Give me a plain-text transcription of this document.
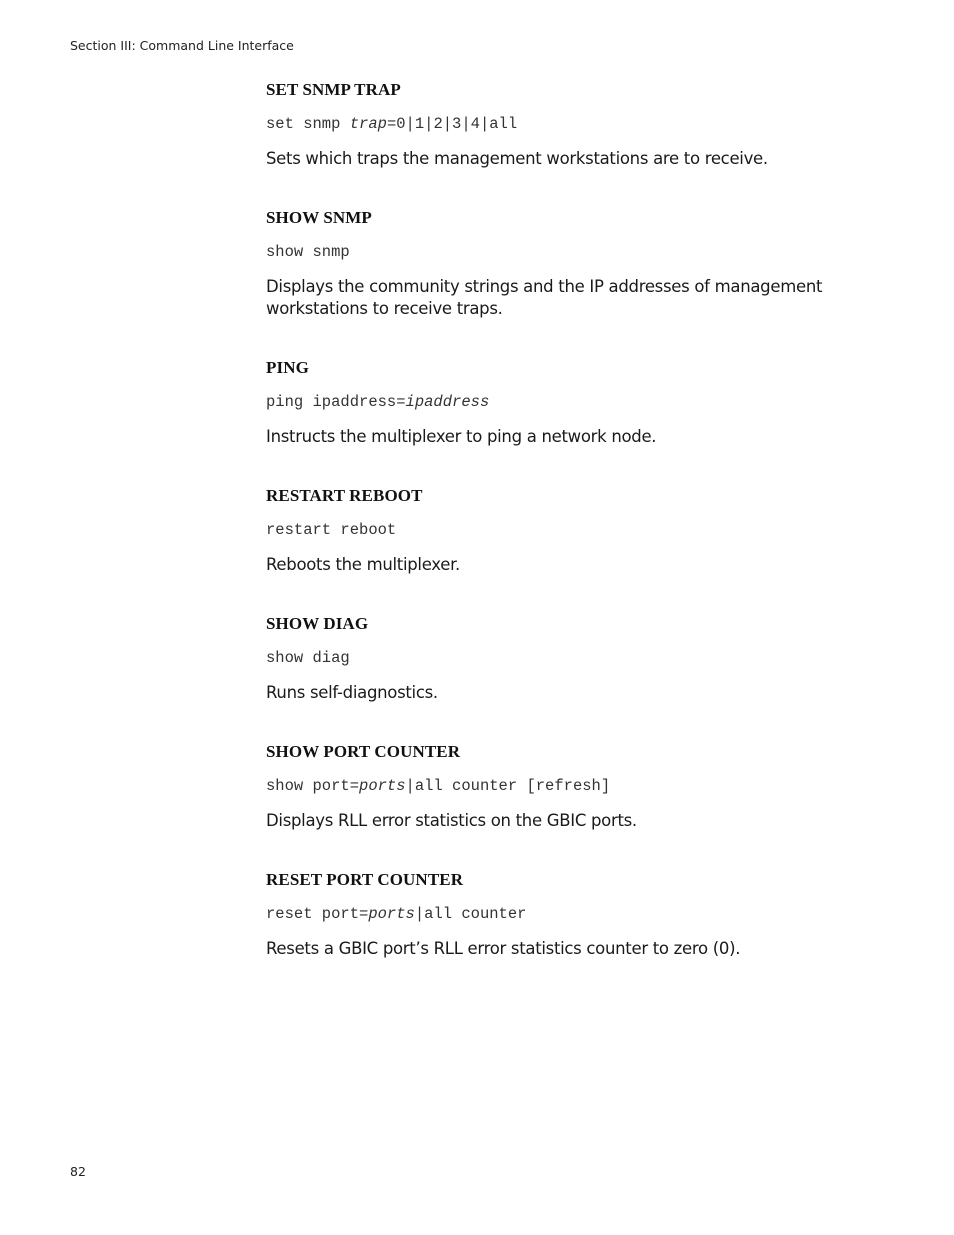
Section III: Command Line Interface
SET SNMP TRAP
set snmp trap=0|1|2|3|4|all

Sets which traps the management workstations are to receive.

SHOW SNMP
show snmp

Displays the community strings and the IP addresses of management workstations to receive traps.

PING
ping ipaddress=ipaddress

Instructs the multiplexer to ping a network node.

RESTART REBOOT
restart reboot

Reboots the multiplexer.

SHOW DIAG
show diag

Runs self-diagnostics.

SHOW PORT COUNTER
show port=ports|all counter [refresh]

Displays RLL error statistics on the GBIC ports.

RESET PORT COUNTER
reset port=ports|all counter

Resets a GBIC port’s RLL error statistics counter to zero (0).

82
